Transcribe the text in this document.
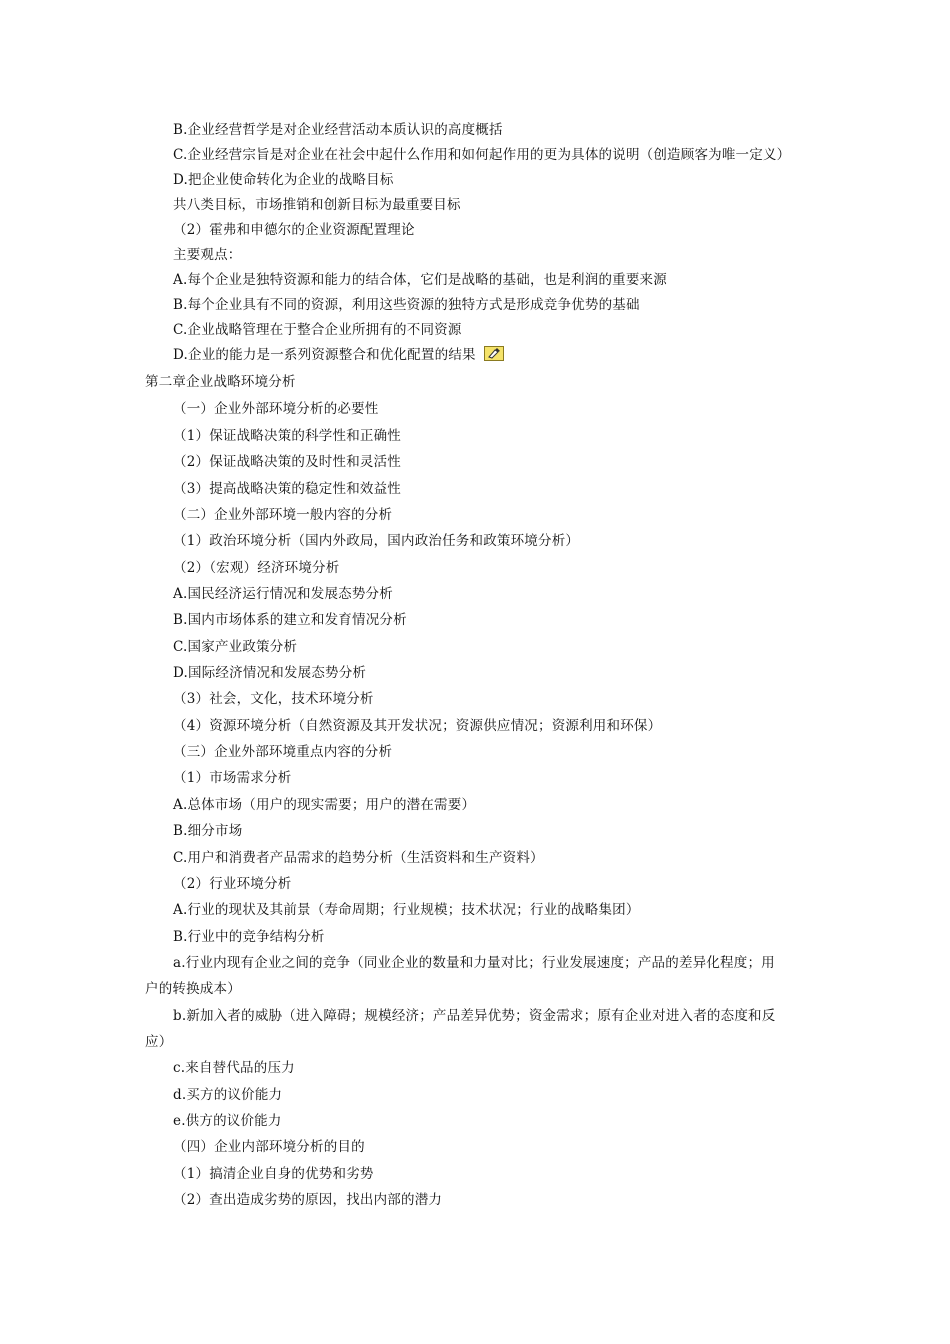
B.企业经营哲学是对企业经营活动本质认识的高度概括
C.企业经营宗旨是对企业在社会中起什么作用和如何起作用的更为具体的说明（创造顾客为唯一定义）
D.把企业使命转化为企业的战略目标
共八类目标，市场推销和创新目标为最重要目标
（2）霍弗和申德尔的企业资源配置理论
主要观点：
A.每个企业是独特资源和能力的结合体，它们是战略的基础，也是利润的重要来源
B.每个企业具有不同的资源，利用这些资源的独特方式是形成竞争优势的基础
C.企业战略管理在于整合企业所拥有的不同资源
D.企业的能力是一系列资源整合和优化配置的结果
第二章企业战略环境分析
（一）企业外部环境分析的必要性
（1）保证战略决策的科学性和正确性
（2）保证战略决策的及时性和灵活性
（3）提高战略决策的稳定性和效益性
（二）企业外部环境一般内容的分析
（1）政治环境分析（国内外政局，国内政治任务和政策环境分析）
（2）（宏观）经济环境分析
A.国民经济运行情况和发展态势分析
B.国内市场体系的建立和发育情况分析
C.国家产业政策分析
D.国际经济情况和发展态势分析
（3）社会，文化，技术环境分析
（4）资源环境分析（自然资源及其开发状况；资源供应情况；资源利用和环保）
（三）企业外部环境重点内容的分析
（1）市场需求分析
A.总体市场（用户的现实需要；用户的潜在需要）
B.细分市场
C.用户和消费者产品需求的趋势分析（生活资料和生产资料）
（2）行业环境分析
A.行业的现状及其前景（寿命周期；行业规模；技术状况；行业的战略集团）
B.行业中的竞争结构分析
a.行业内现有企业之间的竞争（同业企业的数量和力量对比；行业发展速度；产品的差异化程度；用
户的转换成本）
b.新加入者的威胁（进入障碍；规模经济；产品差异优势；资金需求；原有企业对进入者的态度和反
应）
c.来自替代品的压力
d.买方的议价能力
e.供方的议价能力
（四）企业内部环境分析的目的
（1）搞清企业自身的优势和劣势
（2）查出造成劣势的原因，找出内部的潜力
